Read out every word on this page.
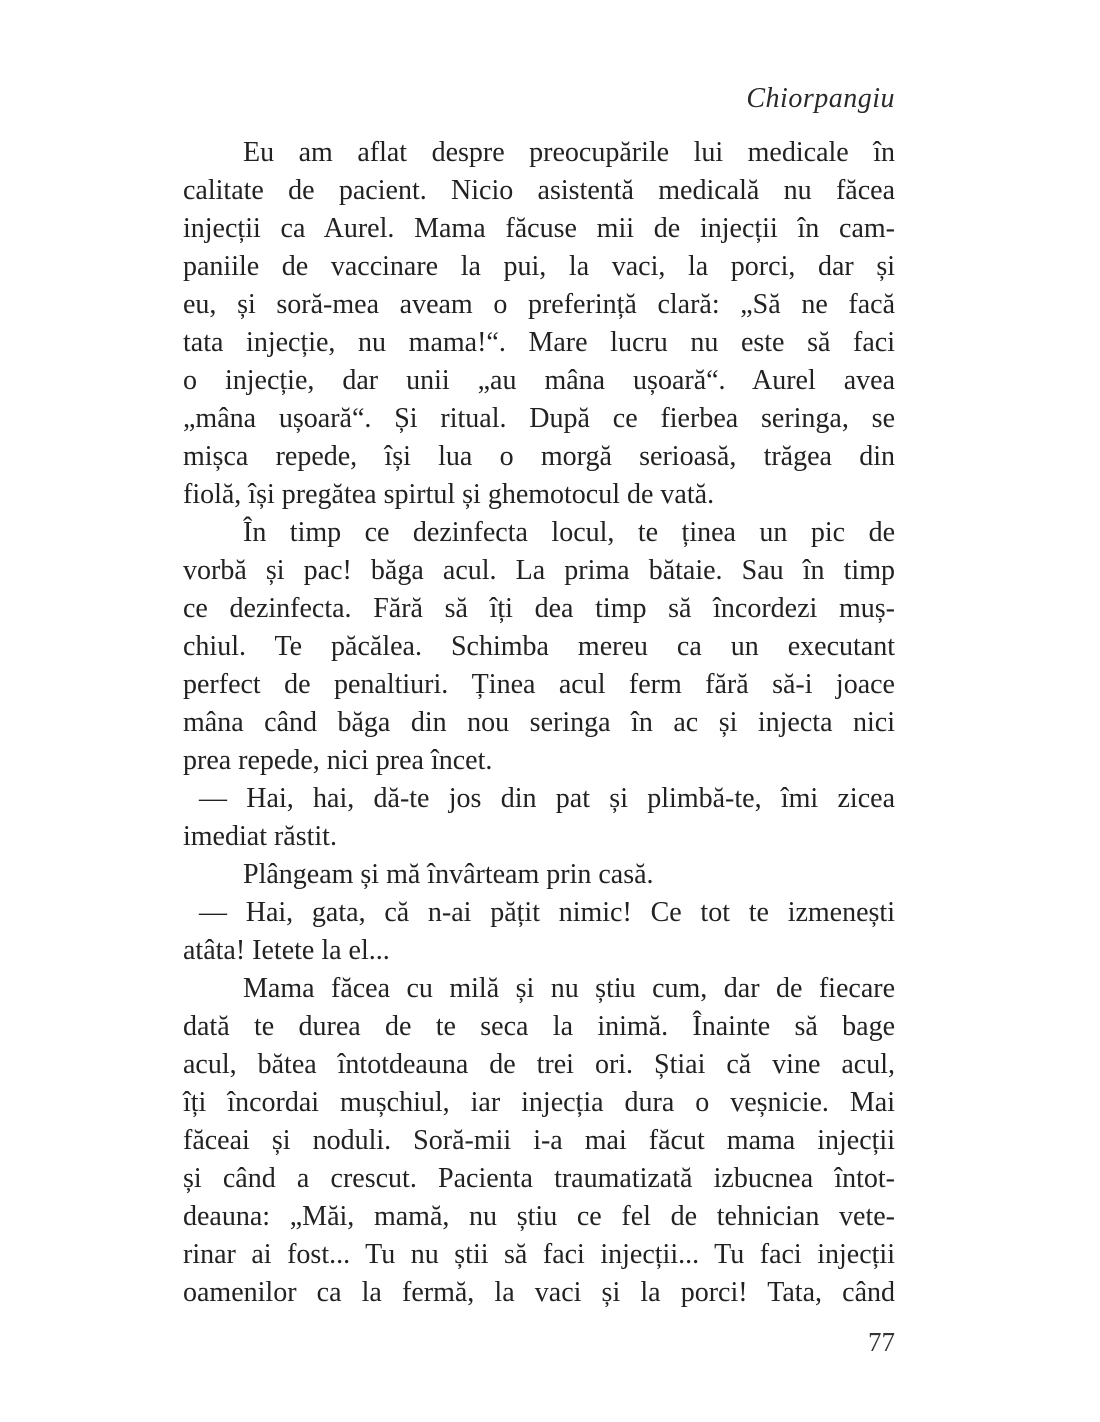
Chiorpangiu
Eu am aflat despre preocupările lui medicale în
calitate de pacient. Nicio asistentă medicală nu făcea
injecții ca Aurel. Mama făcuse mii de injecții în cam-
paniile de vaccinare la pui, la vaci, la porci, dar și
eu, și soră-mea aveam o preferință clară: „Să ne facă
tata injecție, nu mama!“. Mare lucru nu este să faci
o injecție, dar unii „au mâna ușoară“. Aurel avea
„mâna ușoară“. Și ritual. După ce fierbea seringa, se
mișca repede, își lua o morgă serioasă, trăgea din
fiolă, își pregătea spirtul și ghemotocul de vată.
În timp ce dezinfecta locul, te ținea un pic de
vorbă și pac! băga acul. La prima bătaie. Sau în timp
ce dezinfecta. Fără să îți dea timp să încordezi muș-
chiul. Te păcălea. Schimba mereu ca un executant
perfect de penaltiuri. Ținea acul ferm fără să-i joace
mâna când băga din nou seringa în ac și injecta nici
prea repede, nici prea încet.
— Hai, hai, dă-te jos din pat și plimbă-te, îmi zicea
imediat răstit.
Plângeam și mă învârteam prin casă.
— Hai, gata, că n-ai pățit nimic! Ce tot te izmenești
atâta! Ietete la el...
Mama făcea cu milă și nu știu cum, dar de fiecare
dată te durea de te seca la inimă. Înainte să bage
acul, bătea întotdeauna de trei ori. Știai că vine acul,
îți încordai mușchiul, iar injecția dura o veșnicie. Mai
făceai și noduli. Soră-mii i-a mai făcut mama injecții
și când a crescut. Pacienta traumatizată izbucnea întot-
deauna: „Măi, mamă, nu știu ce fel de tehnician vete-
rinar ai fost... Tu nu știi să faci injecții... Tu faci injecții
oamenilor ca la fermă, la vaci și la porci! Tata, când
77
